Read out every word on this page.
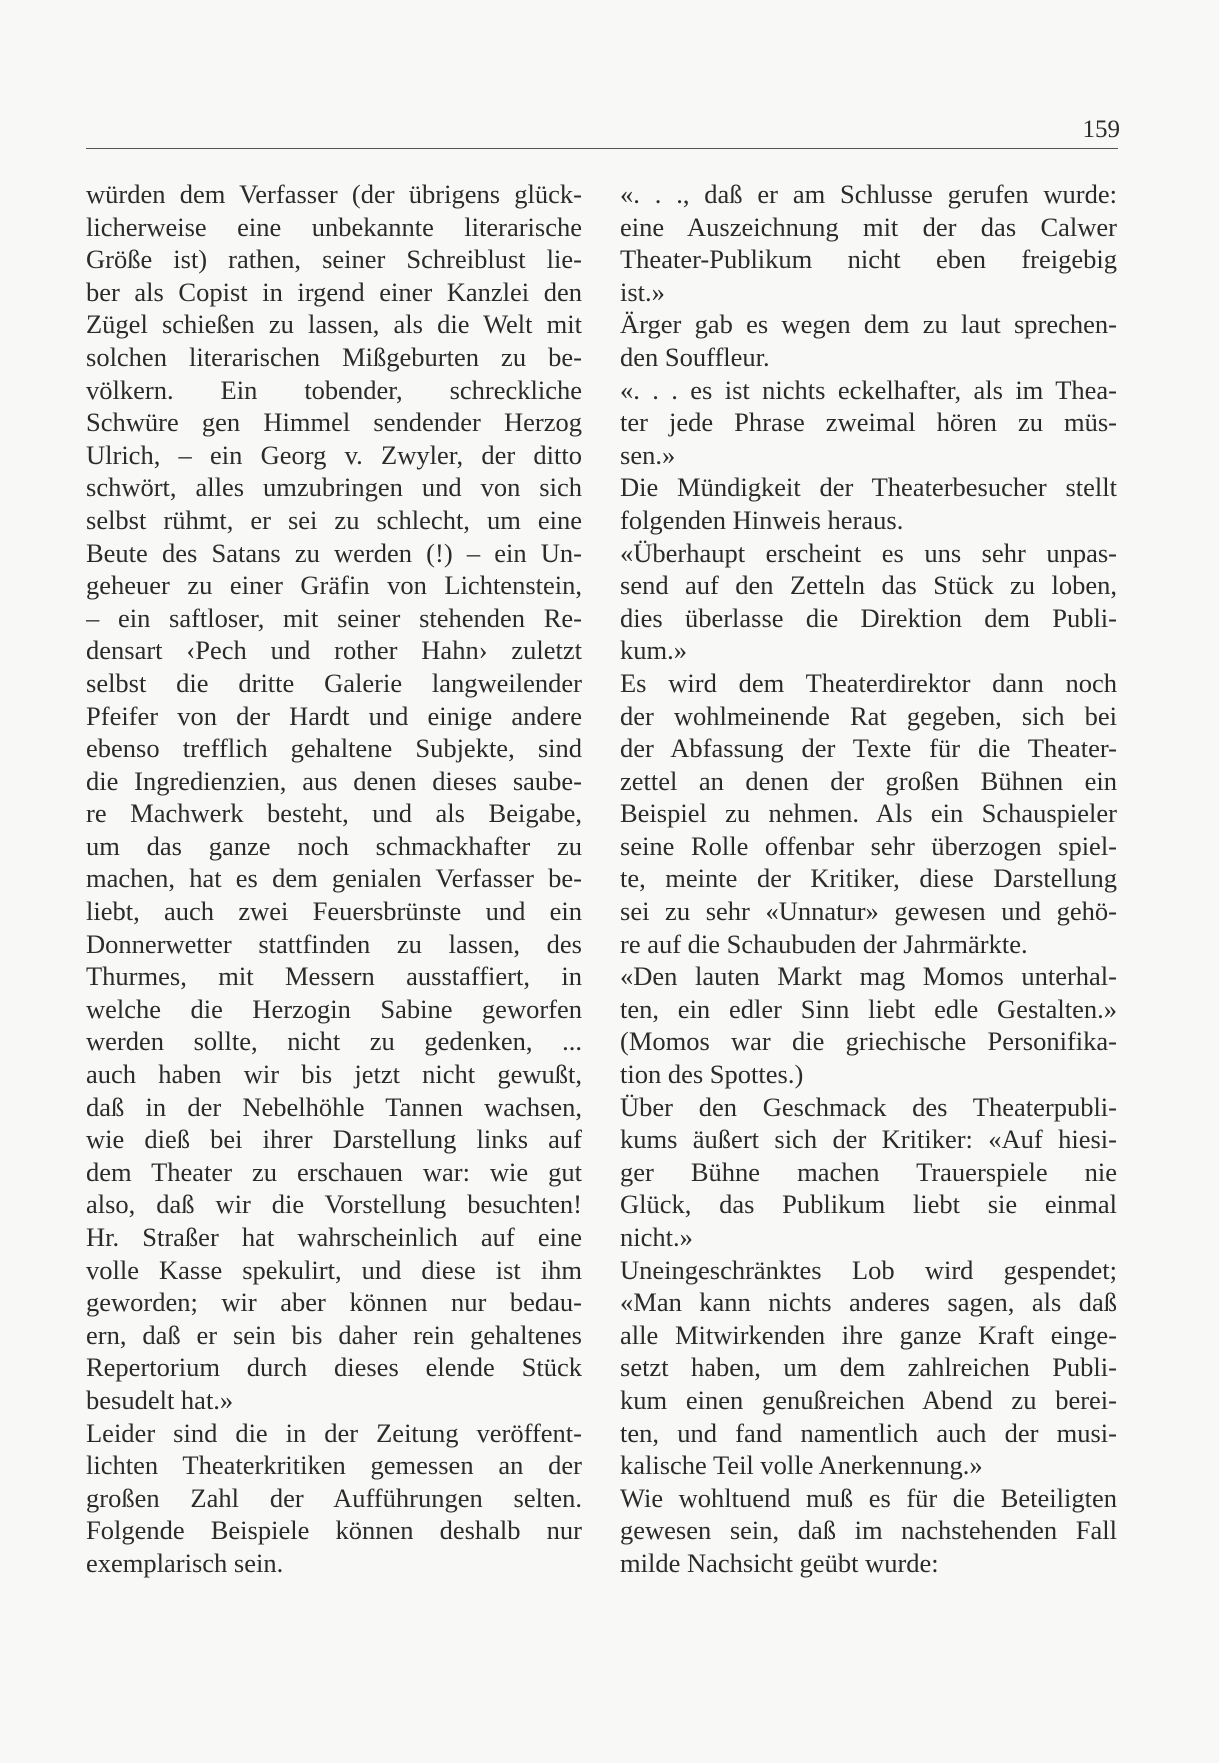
159
würden dem Verfasser (der übrigens glück-
licherweise eine unbekannte literarische
Größe ist) rathen, seiner Schreiblust lie-
ber als Copist in irgend einer Kanzlei den
Zügel schießen zu lassen, als die Welt mit
solchen literarischen Mißgeburten zu be-
völkern. Ein tobender, schreckliche
Schwüre gen Himmel sendender Herzog
Ulrich, – ein Georg v. Zwyler, der ditto
schwört, alles umzubringen und von sich
selbst rühmt, er sei zu schlecht, um eine
Beute des Satans zu werden (!) – ein Un-
geheuer zu einer Gräfin von Lichtenstein,
– ein saftloser, mit seiner stehenden Re-
densart ‹Pech und rother Hahn› zuletzt
selbst die dritte Galerie langweilender
Pfeifer von der Hardt und einige andere
ebenso trefflich gehaltene Subjekte, sind
die Ingredienzien, aus denen dieses saube-
re Machwerk besteht, und als Beigabe,
um das ganze noch schmackhafter zu
machen, hat es dem genialen Verfasser be-
liebt, auch zwei Feuersbrünste und ein
Donnerwetter stattfinden zu lassen, des
Thurmes, mit Messern ausstaffiert, in
welche die Herzogin Sabine geworfen
werden sollte, nicht zu gedenken, ...
auch haben wir bis jetzt nicht gewußt,
daß in der Nebelhöhle Tannen wachsen,
wie dieß bei ihrer Darstellung links auf
dem Theater zu erschauen war: wie gut
also, daß wir die Vorstellung besuchten!
Hr. Straßer hat wahrscheinlich auf eine
volle Kasse spekulirt, und diese ist ihm
geworden; wir aber können nur bedau-
ern, daß er sein bis daher rein gehaltenes
Repertorium durch dieses elende Stück
besudelt hat.»
Leider sind die in der Zeitung veröffent-
lichten Theaterkritiken gemessen an der
großen Zahl der Aufführungen selten.
Folgende Beispiele können deshalb nur
exemplarisch sein.
«. . ., daß er am Schlusse gerufen wurde:
eine Auszeichnung mit der das Calwer
Theater-Publikum nicht eben freigebig
ist.»
Ärger gab es wegen dem zu laut sprechen-
den Souffleur.
«. . . es ist nichts eckelhafter, als im Thea-
ter jede Phrase zweimal hören zu müs-
sen.»
Die Mündigkeit der Theaterbesucher stellt
folgenden Hinweis heraus.
«Überhaupt erscheint es uns sehr unpas-
send auf den Zetteln das Stück zu loben,
dies überlasse die Direktion dem Publi-
kum.»
Es wird dem Theaterdirektor dann noch
der wohlmeinende Rat gegeben, sich bei
der Abfassung der Texte für die Theater-
zettel an denen der großen Bühnen ein
Beispiel zu nehmen. Als ein Schauspieler
seine Rolle offenbar sehr überzogen spiel-
te, meinte der Kritiker, diese Darstellung
sei zu sehr «Unnatur» gewesen und gehö-
re auf die Schaubuden der Jahrmärkte.
«Den lauten Markt mag Momos unterhal-
ten, ein edler Sinn liebt edle Gestalten.»
(Momos war die griechische Personifika-
tion des Spottes.)
Über den Geschmack des Theaterpubli-
kums äußert sich der Kritiker: «Auf hiesi-
ger Bühne machen Trauerspiele nie
Glück, das Publikum liebt sie einmal
nicht.»
Uneingeschränktes Lob wird gespendet;
«Man kann nichts anderes sagen, als daß
alle Mitwirkenden ihre ganze Kraft einge-
setzt haben, um dem zahlreichen Publi-
kum einen genußreichen Abend zu berei-
ten, und fand namentlich auch der musi-
kalische Teil volle Anerkennung.»
Wie wohltuend muß es für die Beteiligten
gewesen sein, daß im nachstehenden Fall
milde Nachsicht geübt wurde:
